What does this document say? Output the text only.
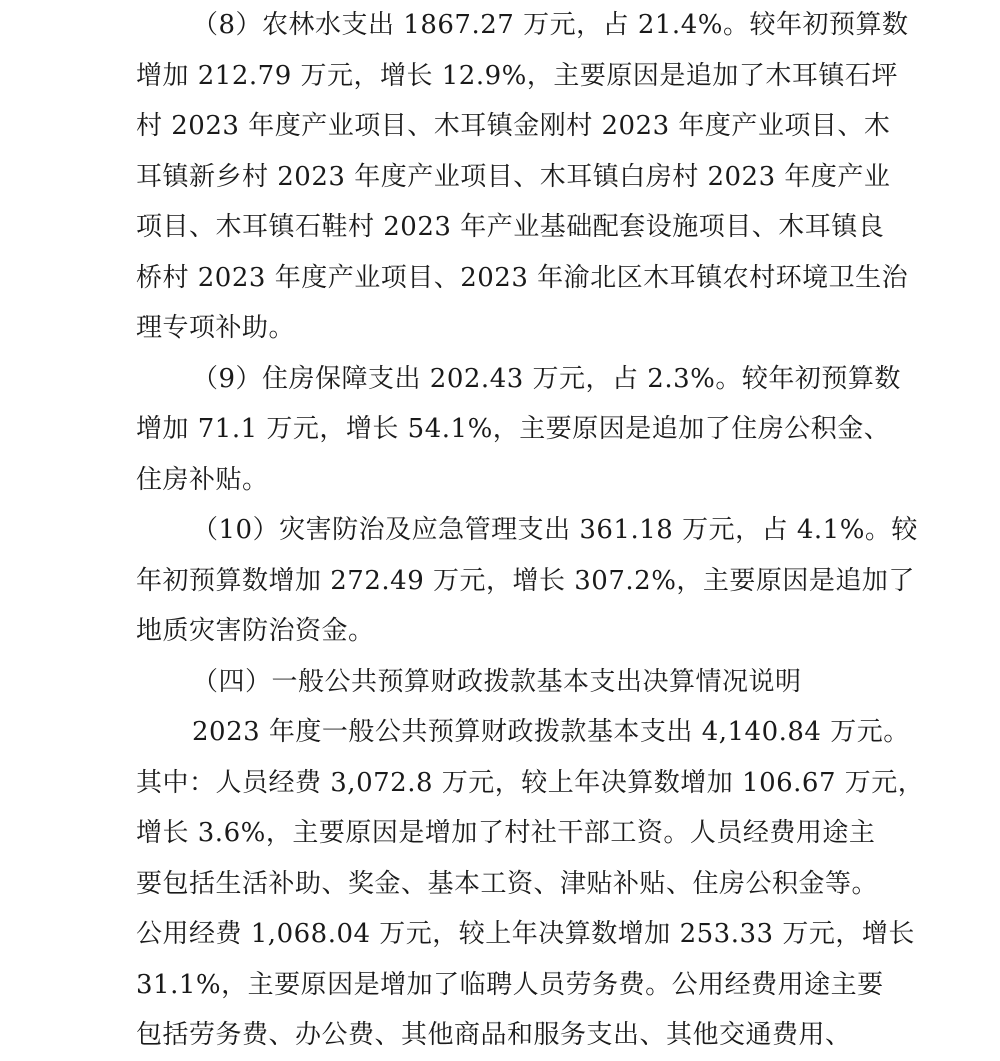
（8）农林水支出 1867.27 万元，占 21.4%。较年初预算数
增加 212.79 万元，增长 12.9%，主要原因是追加了木耳镇石坪
村 2023 年度产业项目、木耳镇金刚村 2023 年度产业项目、木
耳镇新乡村 2023 年度产业项目、木耳镇白房村 2023 年度产业
项目、木耳镇石鞋村 2023 年产业基础配套设施项目、木耳镇良
桥村 2023 年度产业项目、2023 年渝北区木耳镇农村环境卫生治
理专项补助。
（9）住房保障支出 202.43 万元，占 2.3%。较年初预算数
增加 71.1 万元，增长 54.1%，主要原因是追加了住房公积金、
住房补贴。
（10）灾害防治及应急管理支出 361.18 万元，占 4.1%。较
年初预算数增加 272.49 万元，增长 307.2%，主要原因是追加了
地质灾害防治资金。
（四）一般公共预算财政拨款基本支出决算情况说明
2023 年度一般公共预算财政拨款基本支出 4,140.84 万元。
其中：人员经费 3,072.8 万元，较上年决算数增加 106.67 万元，
增长 3.6%，主要原因是增加了村社干部工资。人员经费用途主
要包括生活补助、奖金、基本工资、津贴补贴、住房公积金等。
公用经费 1,068.04 万元，较上年决算数增加 253.33 万元，增长
31.1%，主要原因是增加了临聘人员劳务费。公用经费用途主要
包括劳务费、办公费、其他商品和服务支出、其他交通费用、
